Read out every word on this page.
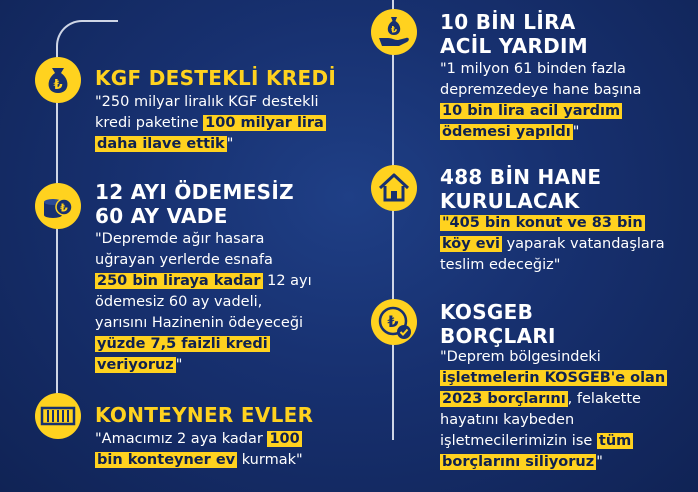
₺ KGF DESTEKLİ KREDİ
"250 milyar liralık KGF destekli
kredi paketine 100 milyar lira
daha ilave ettik "
₺
12 AYI ÖDEMESİZ
60 AY VADE
"Depremde ağır hasara
uğrayan yerlerde esnafa
250 bin liraya kadar 12 ayı
ödemesiz 60 ay vadeli,
yarısını Hazinenin ödeyeceği
yüzde 7,5 faizli kredi
veriyoruz "
KONTEYNER EVLER
"Amacımız 2 aya kadar 100
bin konteyner ev kurmak"
₺ 10 BİN LİRA
ACİL YARDIM
"1 milyon 61 binden fazla
depremzedeye hane başına
10 bin lira acil yardım
ödemesi yapıldı "
488 BİN HANE
KURULACAK
"405 bin konut ve 83 bin
köy evi yaparak vatandaşlara
teslim edeceğiz"
₺ KOSGEB
BORÇLARI
"Deprem bölgesindeki
işletmelerin KOSGEB'e olan
2023 borçlarını , felakette
hayatını kaybeden
işletmecilerimizin ise tüm
borçlarını siliyoruz "
